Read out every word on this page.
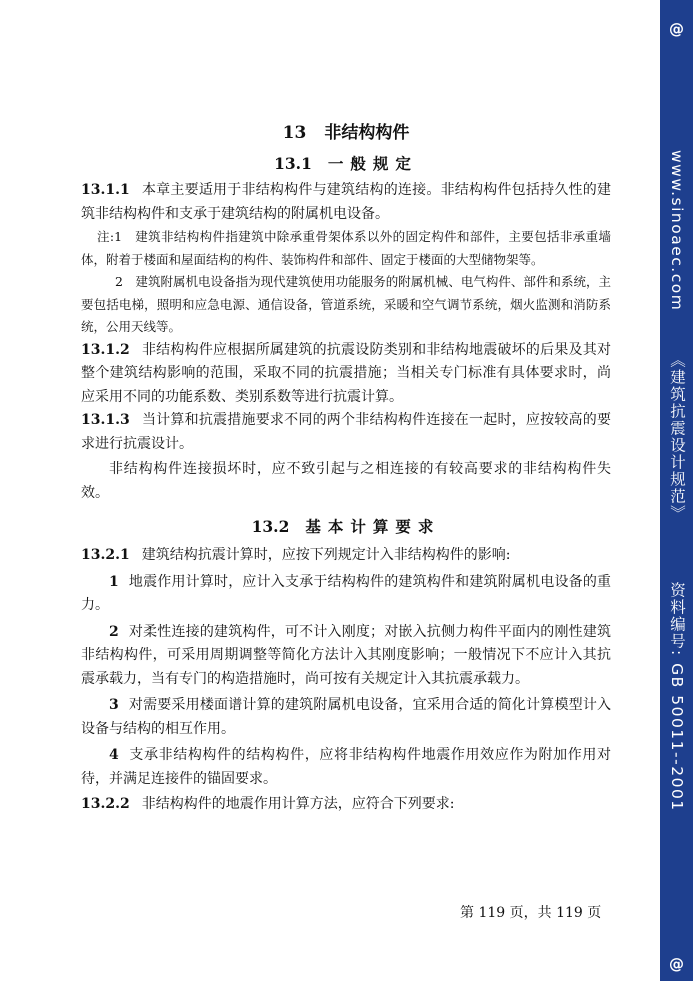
13 非结构构件
13.1 一般规定

13.1.1 本章主要适用于非结构构件与建筑结构的连接。非结构构件包括持久性的建筑非结构构件和支承于建筑结构的附属机电设备。

注:1　建筑非结构构件指建筑中除承重骨架体系以外的固定构件和部件，主要包括非承重墙体，附着于楼面和屋面结构的构件、装饰构件和部件、固定于楼面的大型储物架等。

2　建筑附属机电设备指为现代建筑使用功能服务的附属机械、电气构件、部件和系统，主要包括电梯，照明和应急电源、通信设备，管道系统，采暖和空气调节系统，烟火监测和消防系统，公用天线等。

13.1.2 非结构构件应根据所属建筑的抗震设防类别和非结构地震破坏的后果及其对整个建筑结构影响的范围，采取不同的抗震措施；当相关专门标准有具体要求时，尚应采用不同的功能系数、类别系数等进行抗震计算。

13.1.3 当计算和抗震措施要求不同的两个非结构构件连接在一起时，应按较高的要求进行抗震设计。

非结构构件连接损坏时，应不致引起与之相连接的有较高要求的非结构构件失效。

13.2 基本计算要求

13.2.1 建筑结构抗震计算时，应按下列规定计入非结构构件的影响:

1 地震作用计算时，应计入支承于结构构件的建筑构件和建筑附属机电设备的重力。

2 对柔性连接的建筑构件，可不计入刚度；对嵌入抗侧力构件平面内的刚性建筑非结构构件，可采用周期调整等简化方法计入其刚度影响；一般情况下不应计入其抗震承载力，当有专门的构造措施时，尚可按有关规定计入其抗震承载力。

3 对需要采用楼面谱计算的建筑附属机电设备，宜采用合适的简化计算模型计入设备与结构的相互作用。

4 支承非结构构件的结构构件，应将非结构构件地震作用效应作为附加作用对待，并满足连接件的锚固要求。

13.2.2 非结构构件的地震作用计算方法，应符合下列要求:

第 119 页，共 119 页
@
www.sinoaec.com
《建筑抗震设计规范》
资料编号: GB 50011--2001
@
